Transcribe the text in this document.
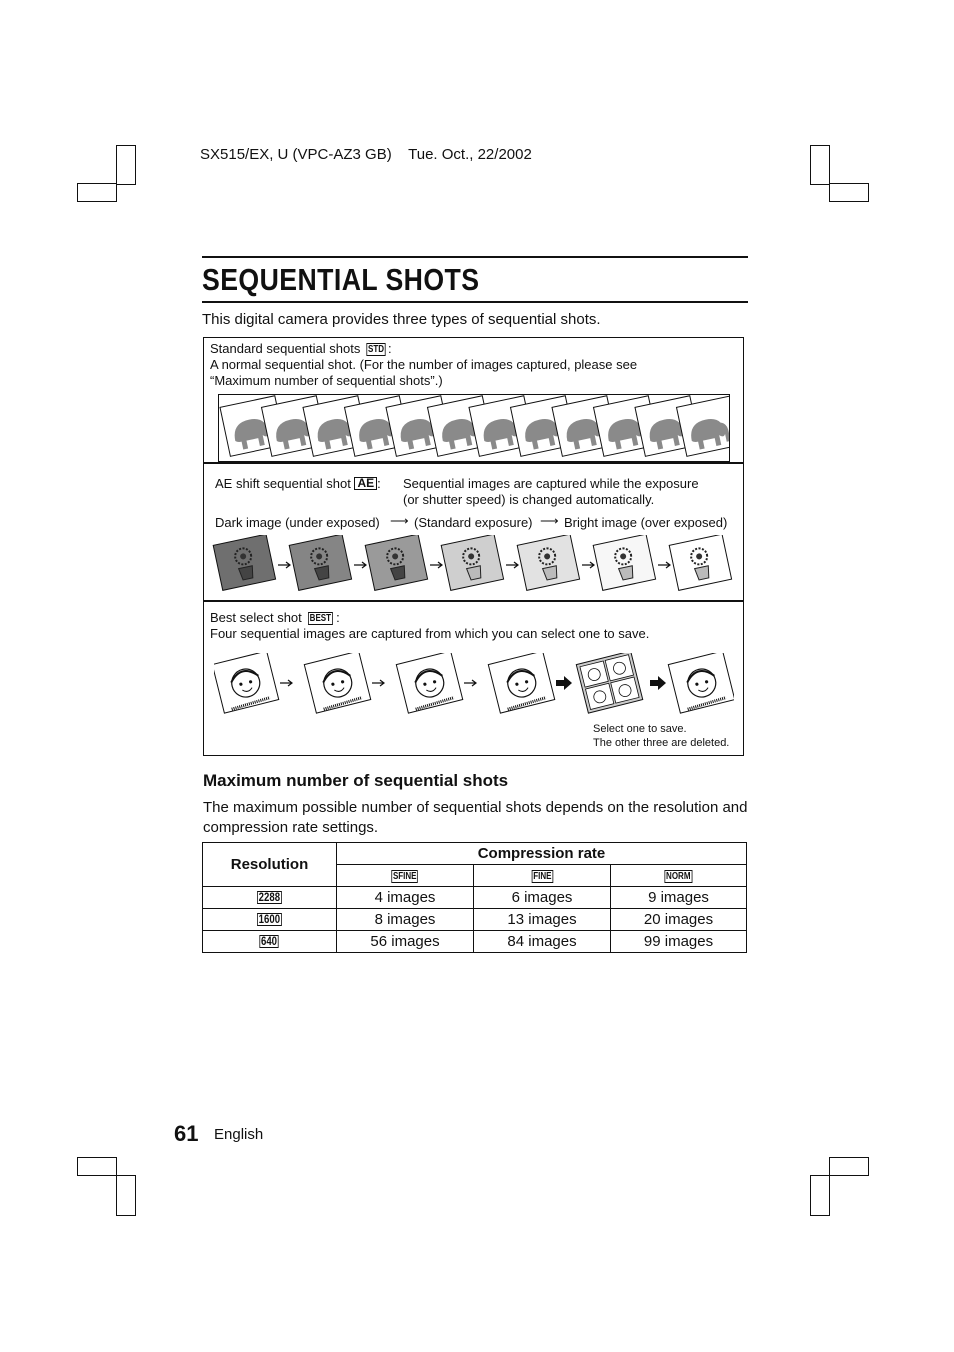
SX515/EX, U (VPC-AZ3 GB)    Tue. Oct., 22/2002
SEQUENTIAL SHOTS
This digital camera provides three types of sequential shots.
Standard sequential shots STD :
A normal sequential shot. (For the number of images captured, please see
“Maximum number of sequential shots”.)
AE shift sequential shot AE : Sequential images are captured while the exposure
(or shutter speed) is changed automatically.
Dark image (under exposed) ⟶ (Standard exposure) ⟶ Bright image (over exposed)
Best select shot BEST :
Four sequential images are captured from which you can select one to save.
Select one to save.
The other three are deleted.
Maximum number of sequential shots
The maximum possible number of sequential shots depends on the resolution and compression rate settings.
Resolution	Compression rate		
	SFINE	FINE	NORM
2288	4 images	6 images	9 images
1600	8 images	13 images	20 images
640	56 images	84 images	99 images
61 English
